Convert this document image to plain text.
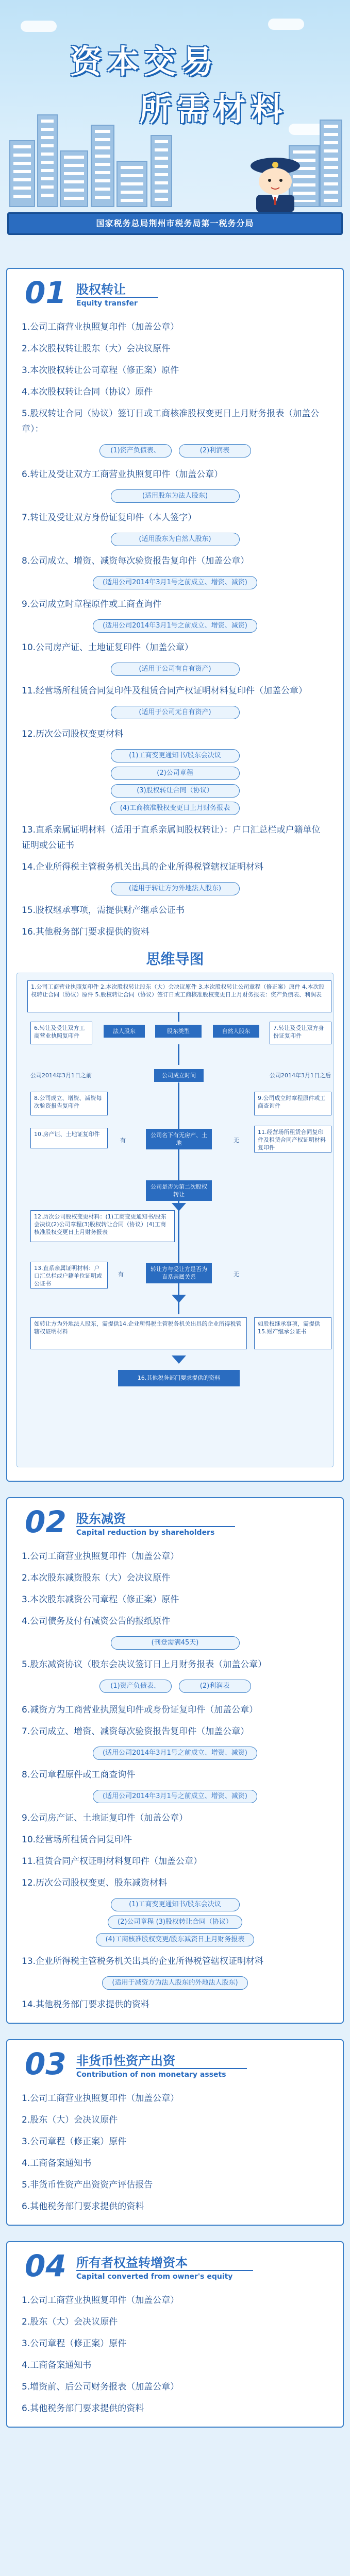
资本交易
所需材料
国家税务总局荆州市税务局第一税务分局
01 股权转让
Equity transfer
1.公司工商营业执照复印件（加盖公章）
2.本次股权转让股东（大）会决议原件
3.本次股权转让公司章程（修正案）原件
4.本次股权转让合同（协议）原件
5.股权转让合同（协议）签订日或工商核准股权变更日上月财务报表（加盖公章）：
(1)资产负债表、	(2)利润表
6.转让及受让双方工商营业执照复印件（加盖公章）
(适用股东为法人股东)
7.转让及受让双方身份证复印件（本人签字）
(适用股东为自然人股东)
8.公司成立、增资、减资每次验资报告复印件（加盖公章）
(适用公司2014年3月1号之前成立、增资、减资)
9.公司成立时章程原件或工商查询件
(适用公司2014年3月1号之前成立、增资、减资)
10.公司房产证、土地证复印件（加盖公章）
(适用于公司有自有资产)
11.经营场所租赁合同复印件及租赁合同产权证明材料复印件（加盖公章）
(适用于公司无自有资产)
12.历次公司股权变更材料
(1)工商变更通知书/股东会决议
(2)公司章程
(3)股权转让合同（协议）
(4)工商核准股权变更日上月财务报表
13.直系亲属证明材料（适用于直系亲属间股权转让）：户口汇总栏或户籍单位证明或公证书
14.企业所得税主管税务机关出具的企业所得税管辖权证明材料
(适用于转让方为外地法人股东)
15.股权继承事项，需提供财产继承公证书
16.其他税务部门要求提供的资料
思维导图
1.公司工商营业执照复印件 2.本次股权转让股东（大）会决议原件 3.本次股权转让公司章程（修正案）原件 4.本次股权转让合同（协议）原件 5.股权转让合同（协议）签订日或工商核准股权变更日上月财务报表：资产负债表、利润表
6.转让及受让双方工商营业执照复印件
法人股东	股东类型	自然人股东	7.转让及受让双方身份证复印件
公司2014年3月1日之前	公司成立时间	公司2014年3月1日之后
8.公司成立、增资、减资每次验资报告复印件
9.公司成立时章程原件或工商查询件
公司名下有无房产、土地
有	无
10.房产证、土地证复印件	11.经营场所租赁合同复印件及租赁合同产权证明材料复印件
公司是否为第二次股权转让
12.历次公司股权变更材料：(1)工商变更通知书/股东会决议(2)公司章程(3)股权转让合同（协议）(4)工商核准股权变更日上月财务报表
转让方与受让方是否为直系亲属关系
有	无
13.直系亲属证明材料：户口汇总栏或户籍单位证明或公证书
如转让方为外地法人股东，需提供14.企业所得税主管税务机关出具的企业所得税管辖权证明材料
如股权继承事项，需提供15.财产继承公证书
16.其他税务部门要求提供的资料
02 股东减资
Capital reduction by shareholders
1.公司工商营业执照复印件（加盖公章）
2.本次股东减资股东（大）会决议原件
3.本次股东减资公司章程（修正案）原件
4.公司债务及付有减资公告的报纸原件
(刊登需满45天)
5.股东减资协议（股东会决议签订日上月财务报表（加盖公章）
(1)资产负债表、	(2)利润表
6.减资方为工商营业执照复印件或身份证复印件（加盖公章）
7.公司成立、增资、减资每次验资报告复印件（加盖公章）
(适用公司2014年3月1号之前成立、增资、减资)
8.公司章程原件或工商查询件
(适用公司2014年3月1号之前成立、增资、减资)
9.公司房产证、土地证复印件（加盖公章）
10.经营场所租赁合同复印件
11.租赁合同产权证明材料复印件（加盖公章）
12.历次公司股权变更、股东减资材料
(1)工商变更通知书/股东会决议
(2)公司章程 (3)股权转让合同（协议）
(4)工商核准股权变更/股东减资日上月财务报表
13.企业所得税主管税务机关出具的企业所得税管辖权证明材料
(适用于减资方为法人股东的外地法人股东)
14.其他税务部门要求提供的资料
03 非货币性资产出资
Contribution of non monetary assets
1.公司工商营业执照复印件（加盖公章）
2.股东（大）会决议原件
3.公司章程（修正案）原件
4.工商备案通知书
5.非货币性资产出资资产评估报告
6.其他税务部门要求提供的资料
04 所有者权益转增资本
Capital converted from owner's equity
1.公司工商营业执照复印件（加盖公章）
2.股东（大）会决议原件
3.公司章程（修正案）原件
4.工商备案通知书
5.增资前、后公司财务报表（加盖公章）
6.其他税务部门要求提供的资料
